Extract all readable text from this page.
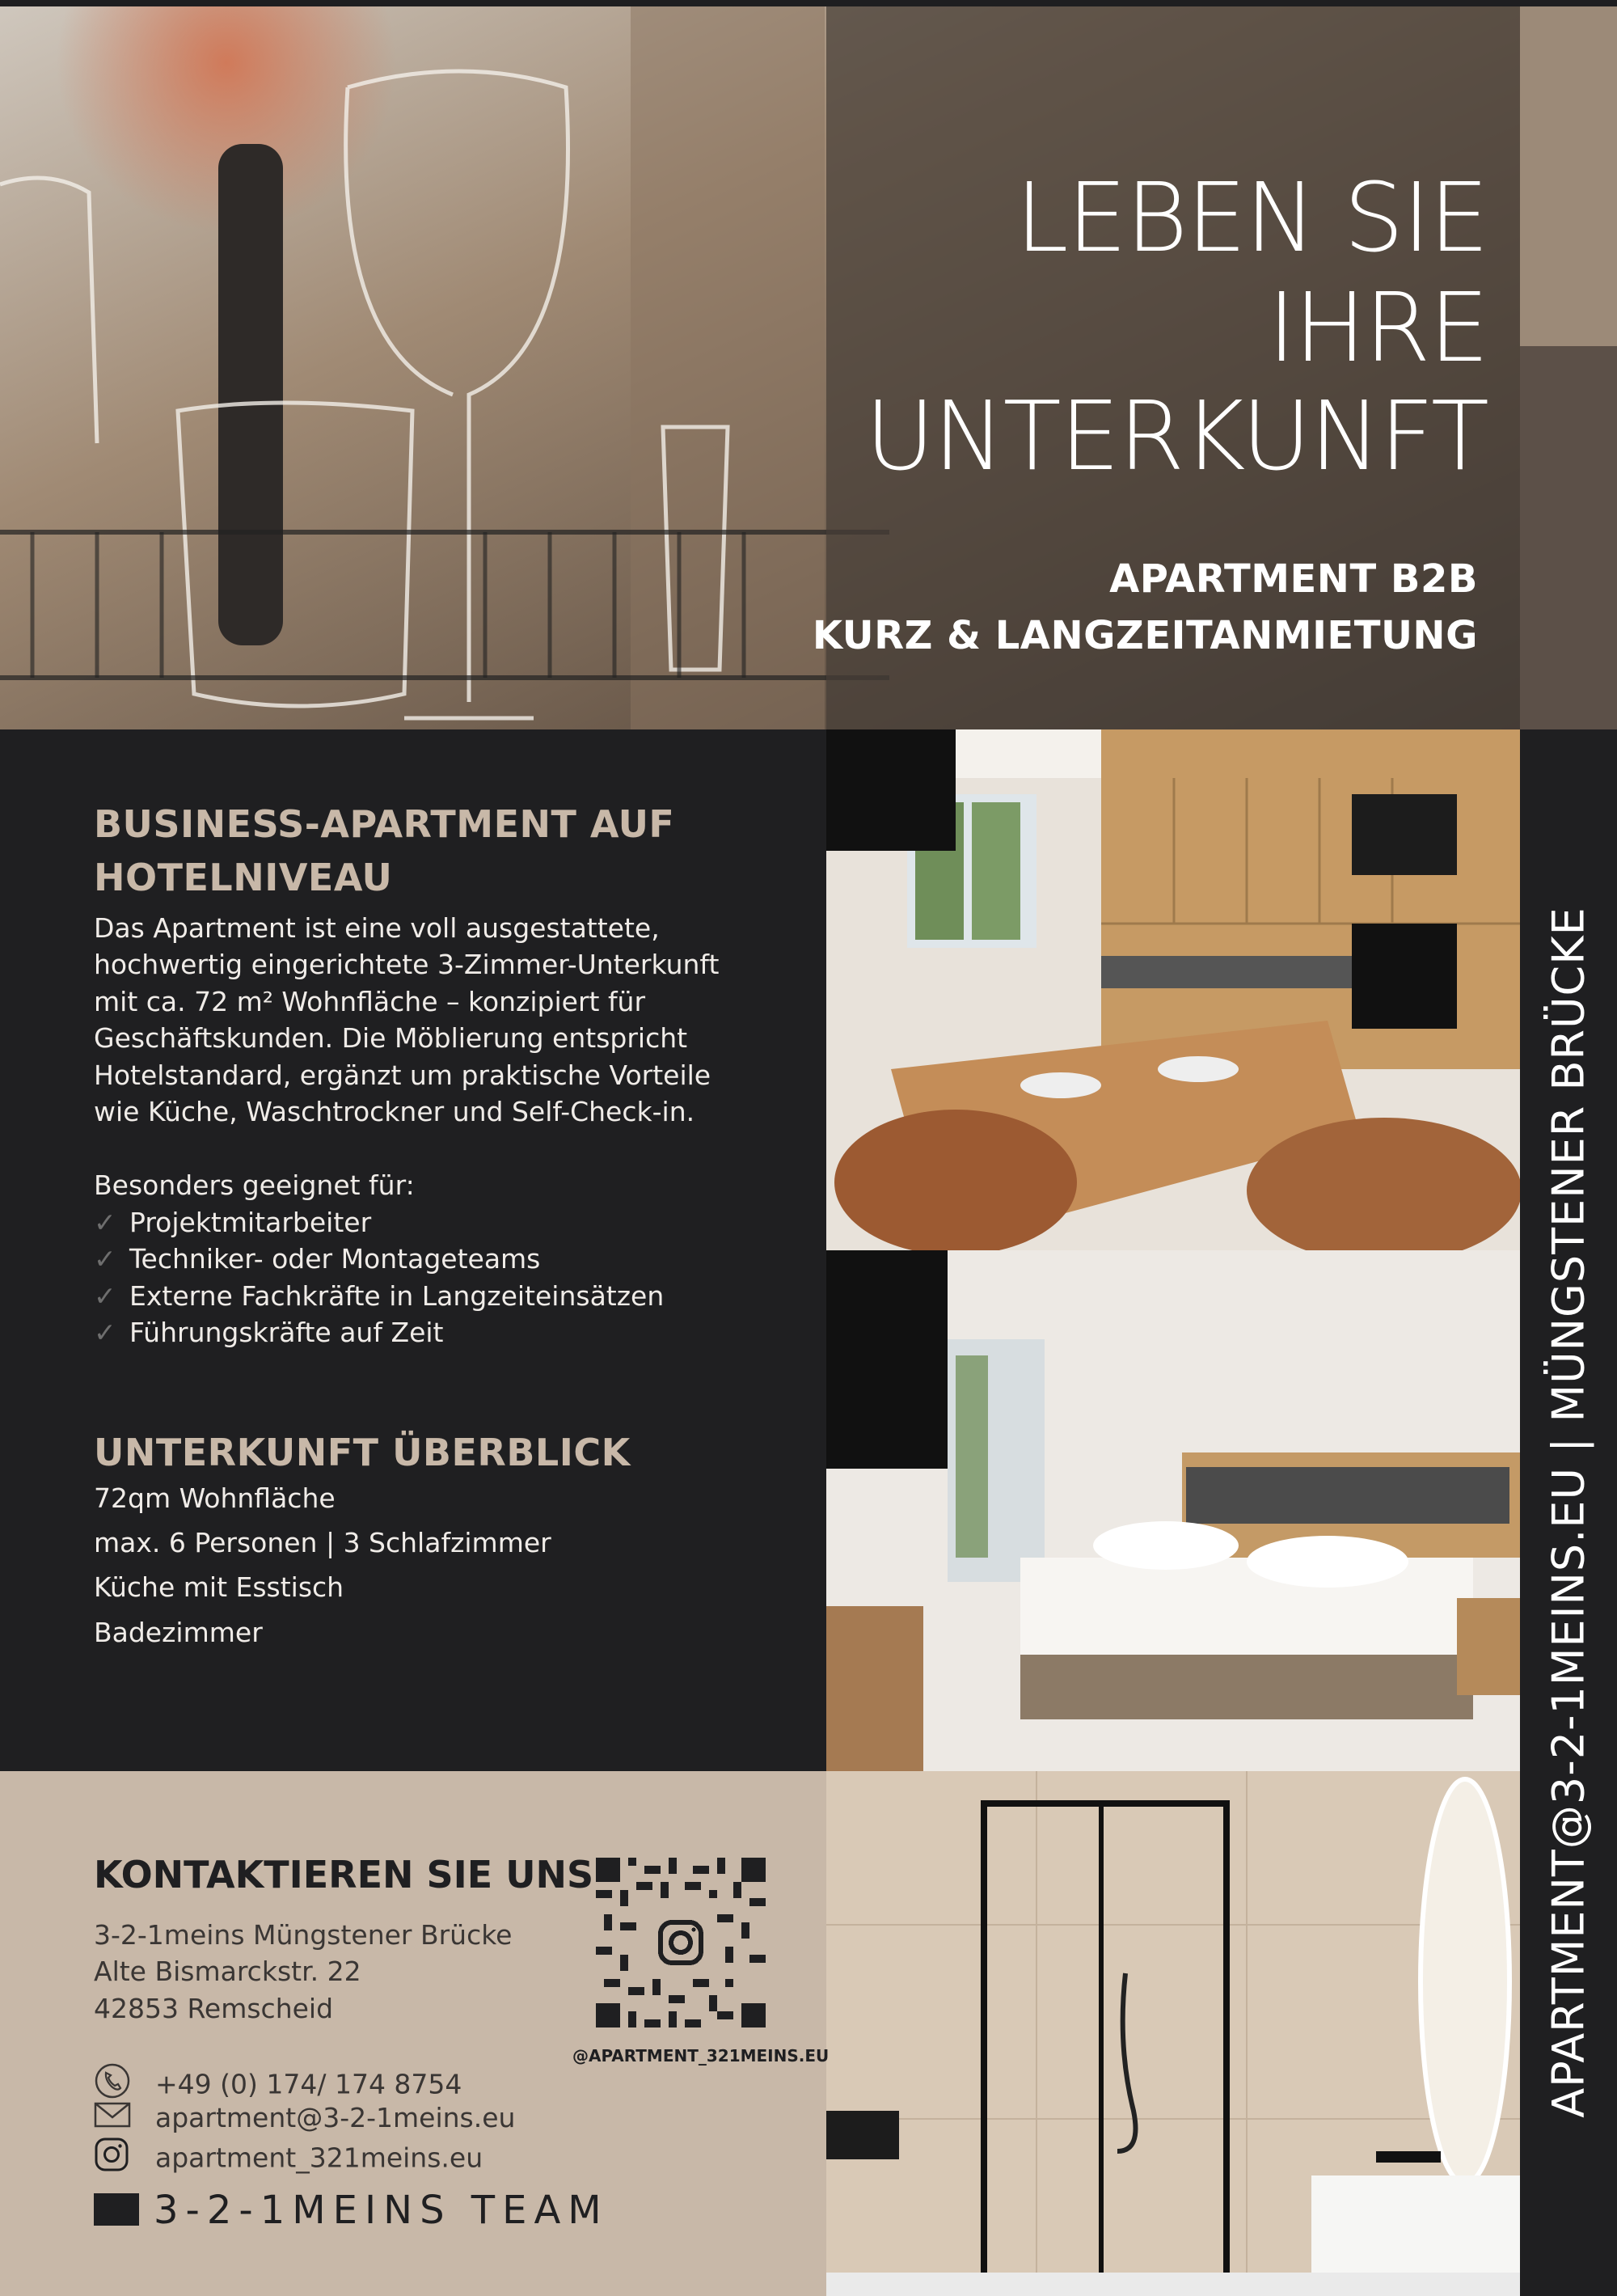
LEBEN SIE
IHRE
UNTERKUNFT
APARTMENT B2B
KURZ & LANGZEITANMIETUNG
BUSINESS-APARTMENT AUF
HOTELNIVEAU
Das Apartment ist eine voll ausgestattete,
hochwertig eingerichtete 3-Zimmer-Unterkunft
mit ca. 72 m² Wohnfläche – konzipiert für
Geschäftskunden. Die Möblierung entspricht
Hotelstandard, ergänzt um praktische Vorteile
wie Küche, Waschtrockner und Self-Check-in.
Besonders geeignet für:
✓ Projektmitarbeiter
✓ Techniker- oder Montageteams
✓ Externe Fachkräfte in Langzeiteinsätzen
✓ Führungskräfte auf Zeit
UNTERKUNFT ÜBERBLICK
72qm Wohnfläche
max. 6 Personen | 3 Schlafzimmer
Küche mit Esstisch
Badezimmer
KONTAKTIEREN SIE UNS
3-2-1meins Müngstener Brücke
Alte Bismarckstr. 22
42853 Remscheid
@APARTMENT_321MEINS.EU
+49 (0) 174/ 174 8754
apartment@3-2-1meins.eu
apartment_321meins.eu
3-2-1MEINS TEAM
APARTMENT@3-2-1MEINS.EU | MÜNGSTENER BRÜCKE
